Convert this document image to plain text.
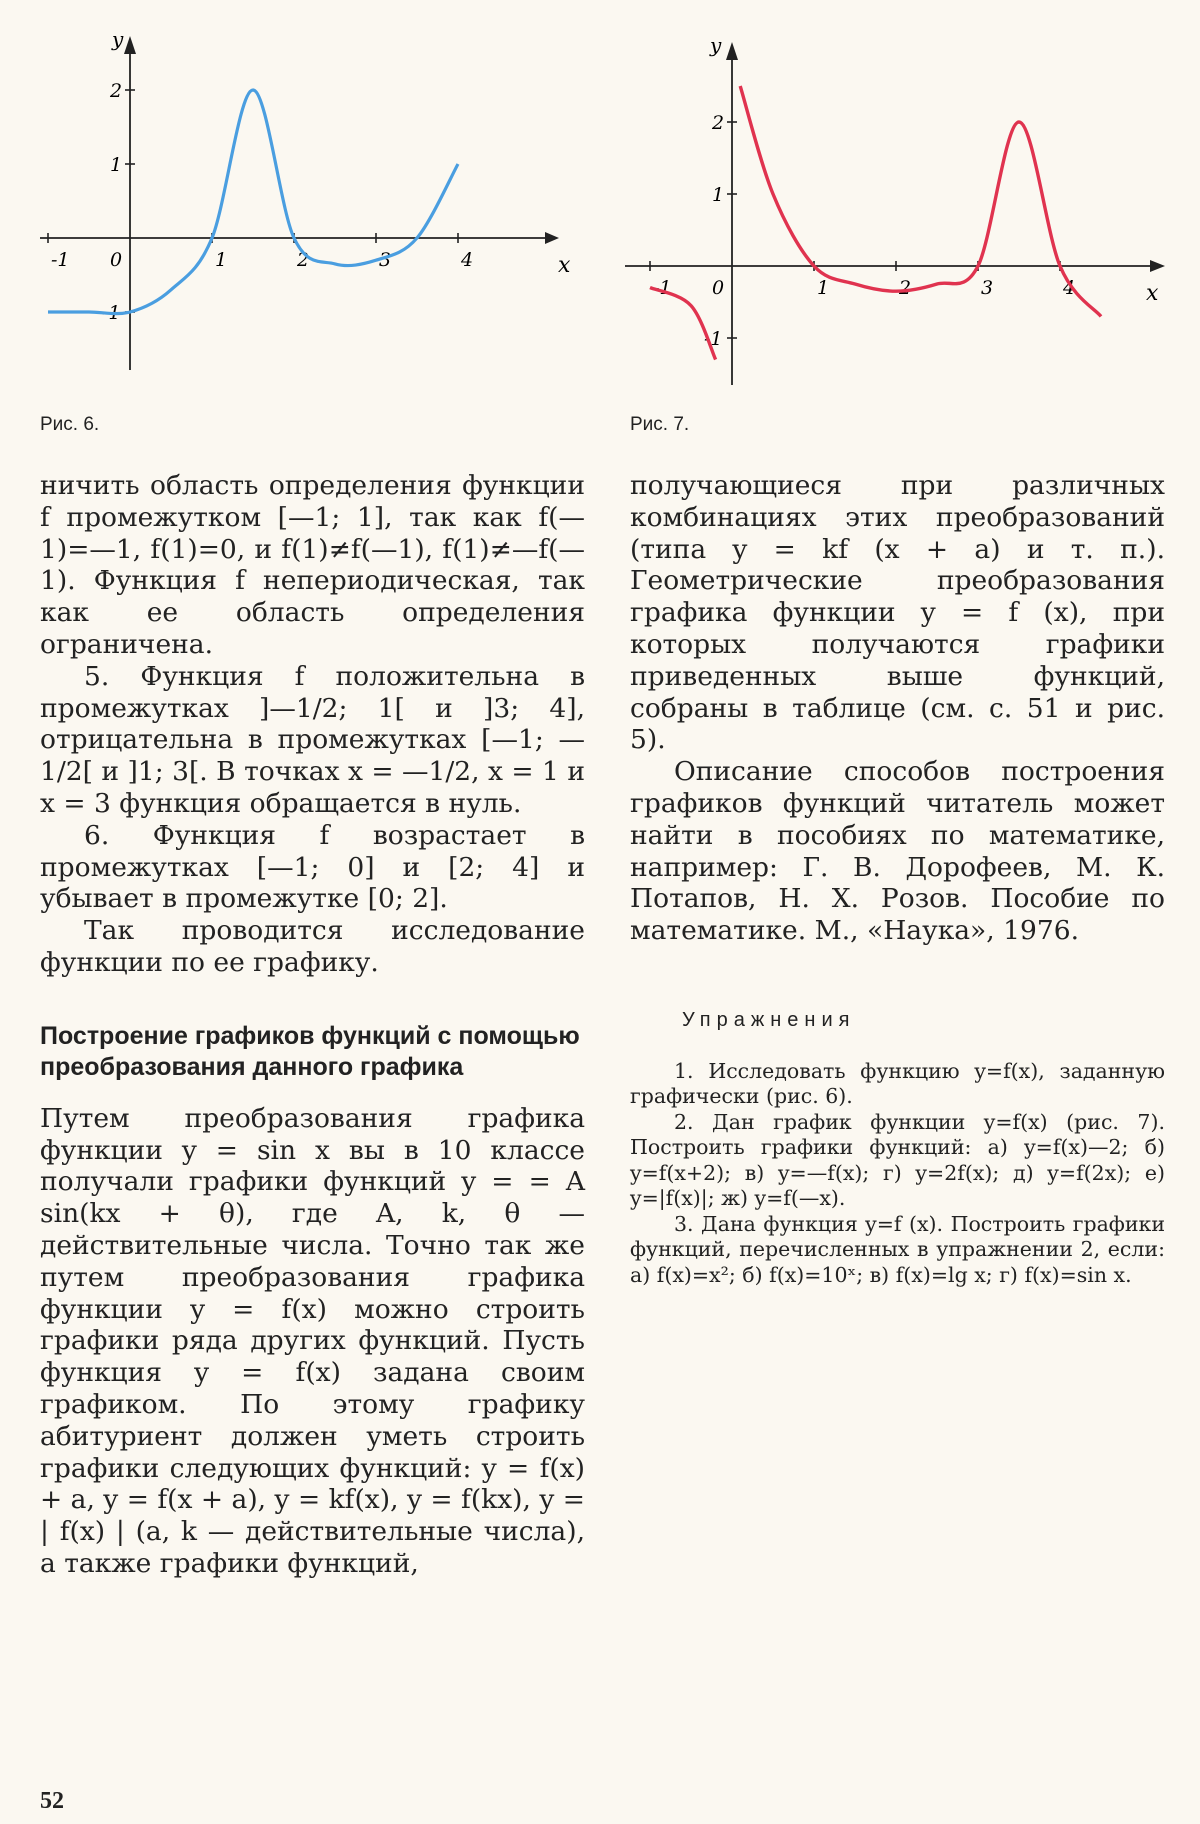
y
x
-1 0	1	2	3	4
2
1
-1
Рис. 6.
y
x
-1 0	1	2	3	4
2
1
-1
Рис. 7.

ничить область определения функции f промежутком [—1; 1], так как f(—1)=—1, f(1)=0, и f(1)≠f(—1), f(1)≠—f(—1). Функция f непериодическая, так как ее область определения ограничена.

5. Функция f положительна в промежутках ]—1/2; 1[ и ]3; 4], отрицательна в промежутках [—1; —1/2[ и ]1; 3[. В точках x = —1/2, x = 1 и x = 3 функция обращается в нуль.

6. Функция f возрастает в промежутках [—1; 0] и [2; 4] и убывает в промежутке [0; 2].

Так проводится исследование функции по ее графику.

Построение графиков функций с помощью преобразования данного графика

Путем преобразования графика функции y = sin x вы в 10 классе получали графики функций y = = A sin(kx + θ), где A, k, θ — действительные числа. Точно так же путем преобразования графика функции y = f(x) можно строить графики ряда других функций. Пусть функция y = f(x) задана своим графиком. По этому графику абитуриент должен уметь строить графики следующих функций: y = f(x) + a, y = f(x + a), y = kf(x), y = f(kx), y = | f(x) | (a, k — действительные числа), а также графики функций,

получающиеся при различных комбинациях этих преобразований (типа y = kf (x + a) и т. п.). Геометрические преобразования графика функции y = f (x), при которых получаются графики приведенных выше функций, собраны в таблице (см. с. 51 и рис. 5).

Описание способов построения графиков функций читатель может найти в пособиях по математике, например: Г. В. Дорофеев, М. К. Потапов, Н. Х. Розов. Пособие по математике. М., «Наука», 1976.

Упражнения

1. Исследовать функцию y=f(x), заданную графически (рис. 6).

2. Дан график функции y=f(x) (рис. 7). Построить графики функций: а) y=f(x)—2; б) y=f(x+2); в) y=—f(x); г) y=2f(x); д) y=f(2x); е) y=|f(x)|; ж) y=f(—x).

3. Дана функция y=f (x). Построить графики функций, перечисленных в упражнении 2, если: а) f(x)=x²; б) f(x)=10ˣ; в) f(x)=lg x; г) f(x)=sin x.

52
